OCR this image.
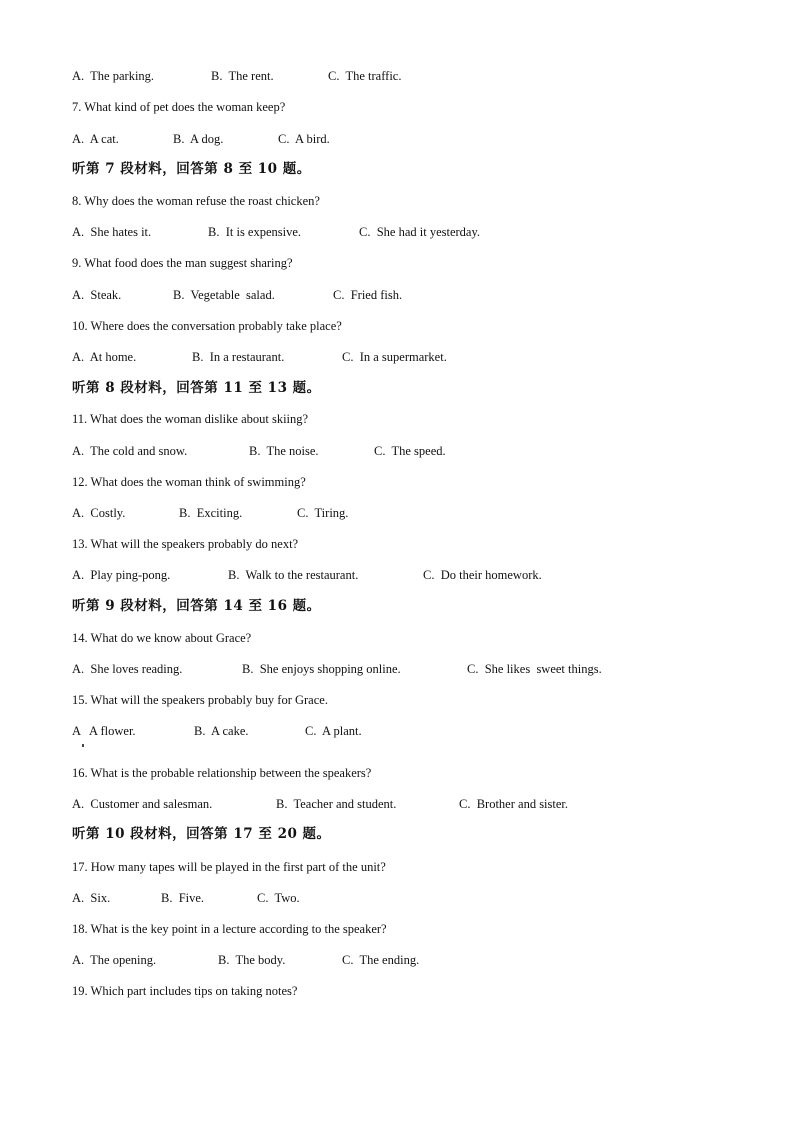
A.  The parking.

	B.  The rent.

	C.  The traffic.

7. What kind of pet does the woman keep?

A.  A cat.

	B.  A dog.

	C.  A bird.

听第 7 段材料，回答第 8 至 10 题。
8. Why does the woman refuse the roast chicken?

A.  She hates it.

	B.  It is expensive.

	C.  She had it yesterday.

9. What food does the man suggest sharing?

A.  Steak.

	B.  Vegetable  salad.

	C.  Fried fish.

10. Where does the conversation probably take place?

A.  At home.

	B.  In a restaurant.

	C.  In a supermarket.

听第 8 段材料，回答第 11 至 13 题。
11. What does the woman dislike about skiing?

A.  The cold and snow.

	B.  The noise.

	C.  The speed.

12. What does the woman think of swimming?

A.  Costly.

	B.  Exciting.

	C.  Tiring.

13. What will the speakers probably do next?

A.  Play ping-pong.

	B.  Walk to the restaurant.

	C.  Do their homework.

听第 9 段材料，回答第 14 至 16 题。
14. What do we know about Grace?

A.  She loves reading.

	B.  She enjoys shopping online.

	C.  She likes  sweet things.

15. What will the speakers probably buy for Grace.

A   A flower.

	B.  A cake.

	C.  A plant.

16. What is the probable relationship between the speakers?

A.  Customer and salesman.

	B.  Teacher and student.

	C.  Brother and sister.

听第 10 段材料，回答第 17 至 20 题。
17. How many tapes will be played in the first part of the unit?

A.  Six.

	B.  Five.

	C.  Two.

18. What is the key point in a lecture according to the speaker?

A.  The opening.

	B.  The body.

	C.  The ending.

19. Which part includes tips on taking notes?
